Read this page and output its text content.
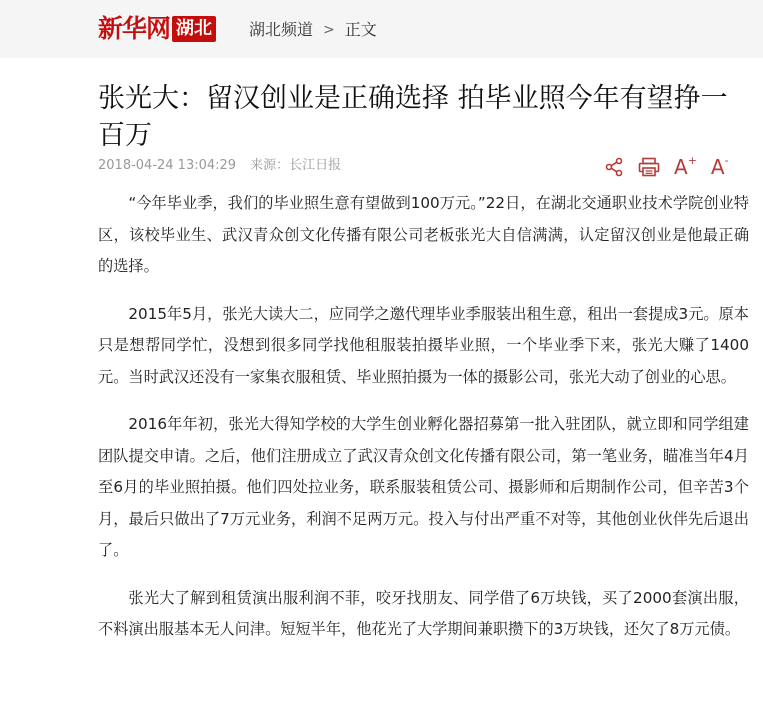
新华网 湖北 湖北频道 > 正文
张光大：留汉创业是正确选择 拍毕业照今年有望挣一百万
2018-04-24 13:04:29 来源：长江日报	A+ A-

“今年毕业季，我们的毕业照生意有望做到100万元。”22日，在湖北交通职业技术学院创业特区，该校毕业生、武汉青众创文化传播有限公司老板张光大自信满满，认定留汉创业是他最正确的选择。

2015年5月，张光大读大二，应同学之邀代理毕业季服装出租生意，租出一套提成3元。原本只是想帮同学忙，没想到很多同学找他租服装拍摄毕业照，一个毕业季下来，张光大赚了1400元。当时武汉还没有一家集衣服租赁、毕业照拍摄为一体的摄影公司，张光大动了创业的心思。

2016年年初，张光大得知学校的大学生创业孵化器招募第一批入驻团队，就立即和同学组建团队提交申请。之后，他们注册成立了武汉青众创文化传播有限公司，第一笔业务，瞄准当年4月至6月的毕业照拍摄。他们四处拉业务，联系服装租赁公司、摄影师和后期制作公司，但辛苦3个月，最后只做出了7万元业务，利润不足两万元。投入与付出严重不对等，其他创业伙伴先后退出了。

张光大了解到租赁演出服利润不菲，咬牙找朋友、同学借了6万块钱，买了2000套演出服，不料演出服基本无人问津。短短半年，他花光了大学期间兼职攒下的3万块钱，还欠了8万元债。
